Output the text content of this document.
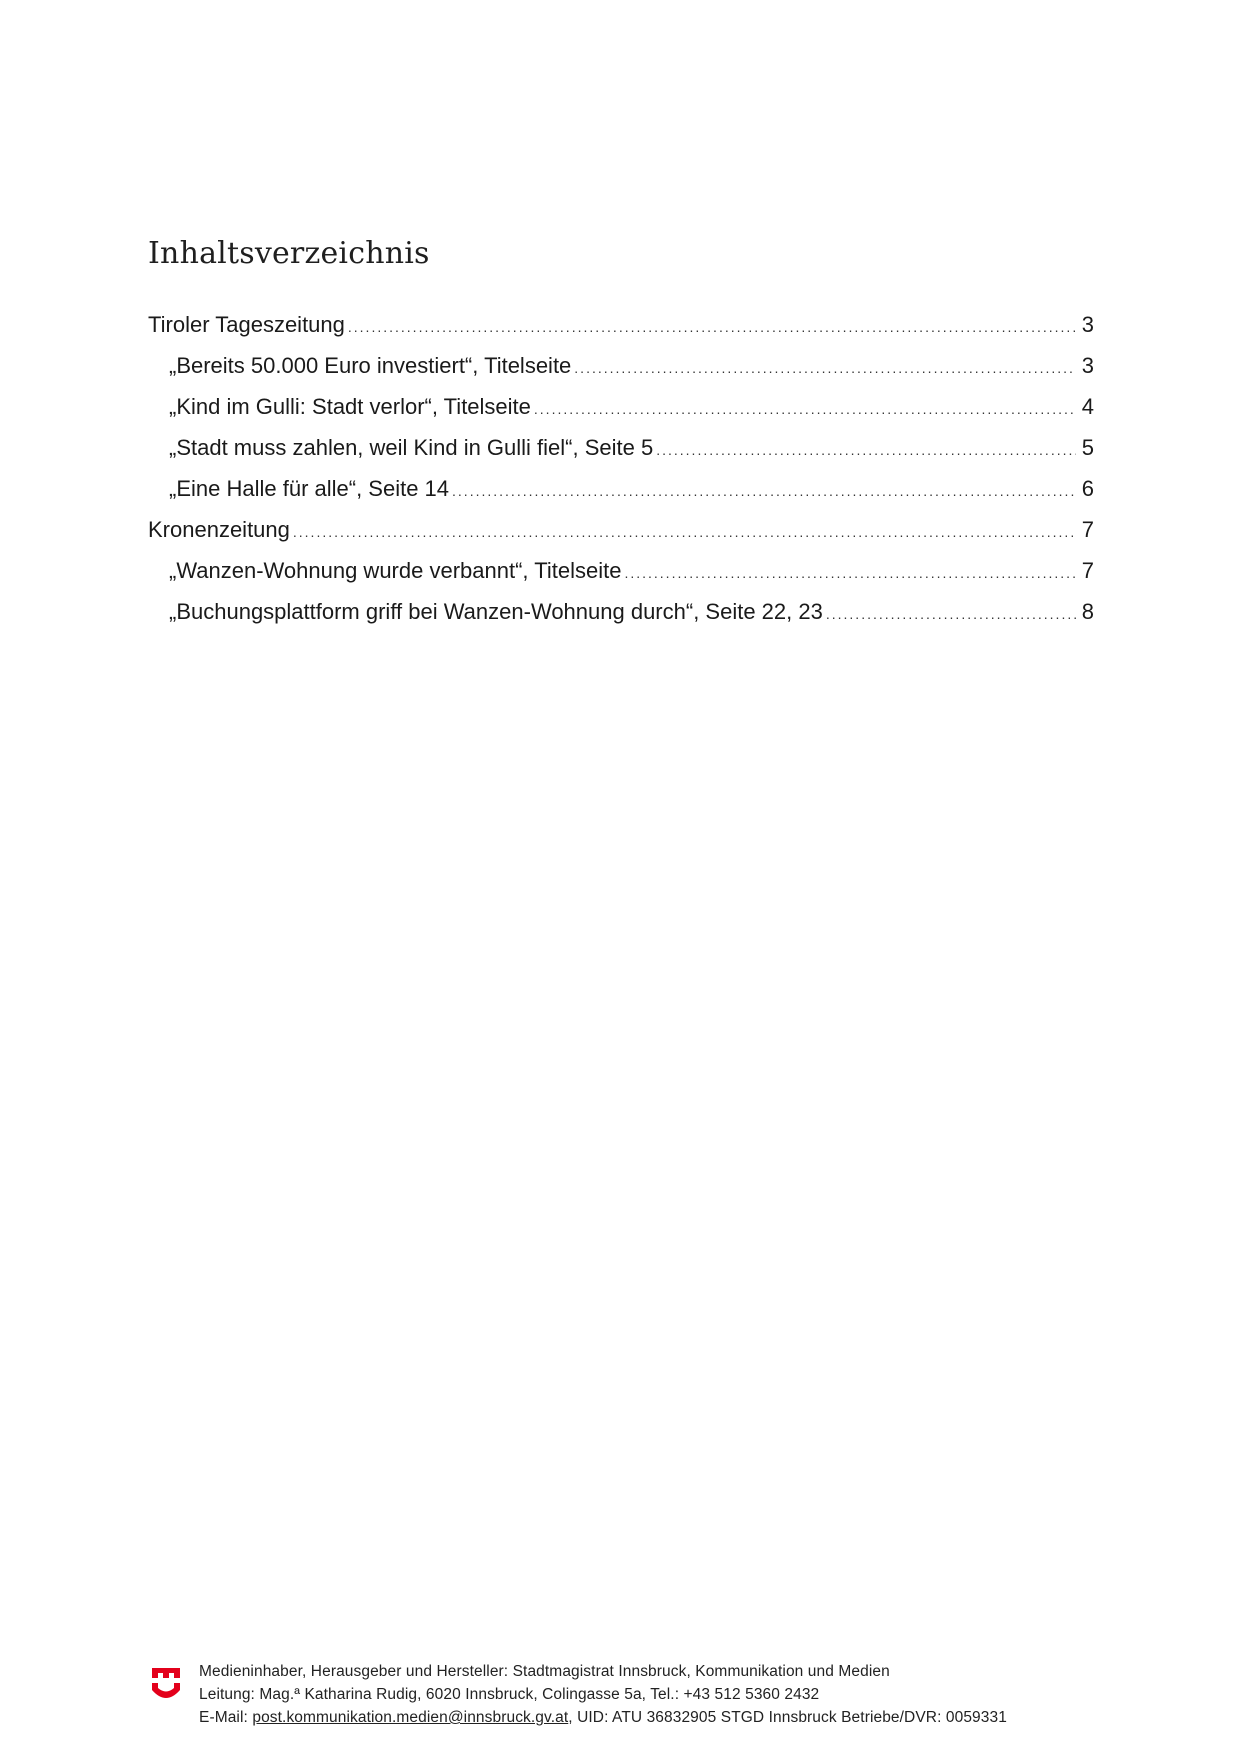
Inhaltsverzeichnis
Tiroler Tageszeitung .....	3
„Bereits 50.000 Euro investiert“, Titelseite .....	3
„Kind im Gulli: Stadt verlor“, Titelseite .....	4
„Stadt muss zahlen, weil Kind in Gulli fiel“, Seite 5 .....	5
„Eine Halle für alle“, Seite 14 .....	6
Kronenzeitung .....	7
„Wanzen-Wohnung wurde verbannt“, Titelseite .....	7
„Buchungsplattform griff bei Wanzen-Wohnung durch“, Seite 22, 23 .....	8
Medieninhaber, Herausgeber und Hersteller: Stadtmagistrat Innsbruck, Kommunikation und Medien
Leitung: Mag.ª Katharina Rudig, 6020 Innsbruck, Colingasse 5a, Tel.: +43 512 5360 2432
E-Mail: post.kommunikation.medien@innsbruck.gv.at, UID: ATU 36832905 STGD Innsbruck Betriebe/DVR: 0059331
